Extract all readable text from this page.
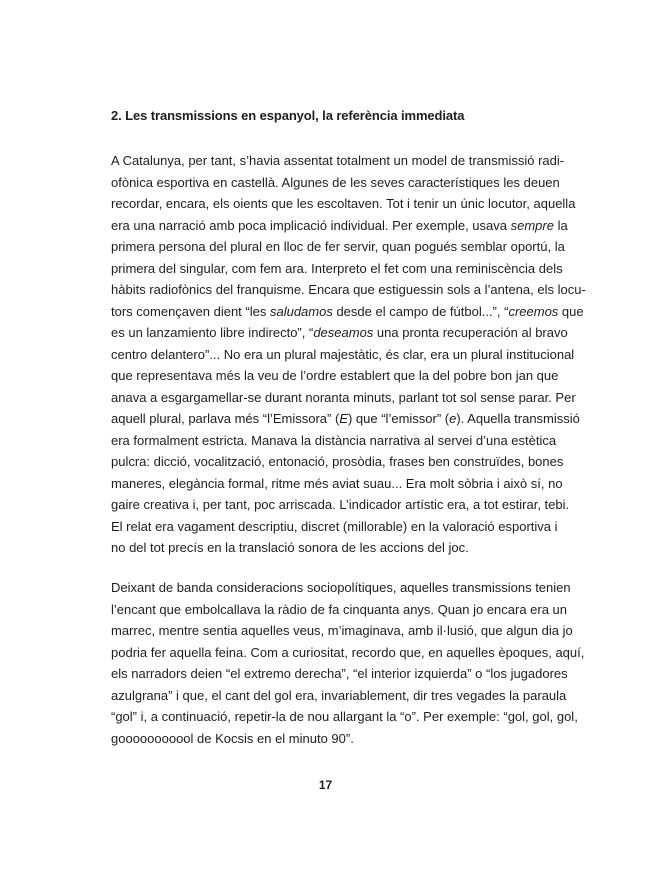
2. Les transmissions en espanyol, la referència immediata
A Catalunya, per tant, s’havia assentat totalment un model de transmissió radi-
ofònica esportiva en castellà. Algunes de les seves característiques les deuen
recordar, encara, els oients que les escoltaven. Tot i tenir un únic locutor, aquella
era una narració amb poca implicació individual. Per exemple, usava sempre la
primera persona del plural en lloc de fer servir, quan pogués semblar oportú, la
primera del singular, com fem ara. Interpreto el fet com una reminiscència dels
hàbits radiofònics del franquisme. Encara que estiguessin sols a l’antena, els locu-
tors començaven dient “les saludamos desde el campo de fútbol...”, “creemos que
es un lanzamiento libre indirecto”, “deseamos una pronta recuperación al bravo
centro delantero”... No era un plural majestàtic, és clar, era un plural institucional
que representava més la veu de l’ordre establert que la del pobre bon jan que
anava a esgargamellar-se durant noranta minuts, parlant tot sol sense parar. Per
aquell plural, parlava més “l’Emissora” (E) que “l’emissor” (e). Aquella transmissió
era formalment estricta. Manava la distància narrativa al servei d’una estètica
pulcra: dicció, vocalització, entonació, prosòdia, frases ben construïdes, bones
maneres, elegància formal, ritme més aviat suau... Era molt sòbria i això sí, no
gaire creativa i, per tant, poc arriscada. L’indicador artístic era, a tot estirar, tebi.
El relat era vagament descriptiu, discret (millorable) en la valoració esportiva i
no del tot precís en la translació sonora de les accions del joc.
Deixant de banda consideracions sociopolítiques, aquelles transmissions tenien
l’encant que embolcallava la ràdio de fa cinquanta anys. Quan jo encara era un
marrec, mentre sentia aquelles veus, m’imaginava, amb il·lusió, que algun dia jo
podria fer aquella feina. Com a curiositat, recordo que, en aquelles èpoques, aquí,
els narradors deien “el extremo derecha”, “el interior izquierda” o “los jugadores
azulgrana” i que, el cant del gol era, invariablement, dir tres vegades la paraula
“gol” i, a continuació, repetir-la de nou allargant la “o”. Per exemple: “gol, gol, gol,
gooooooooool de Kocsis en el minuto 90”.
17
